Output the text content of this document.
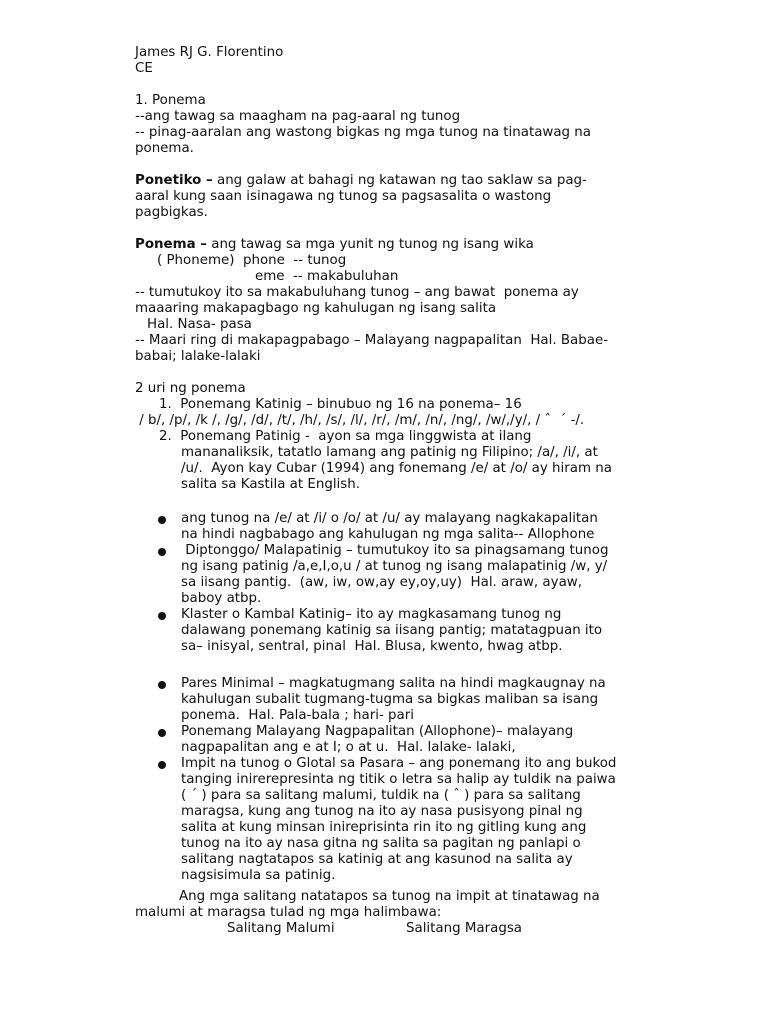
James RJ G. Florentino
CE
1. Ponema
--ang tawag sa maagham na pag-aaral ng tunog
-- pinag-aaralan ang wastong bigkas ng mga tunog na tinatawag na
ponema.
Ponetiko – ang galaw at bahagi ng katawan ng tao saklaw sa pag-
aaral kung saan isinagawa ng tunog sa pagsasalita o wastong
pagbigkas.
Ponema – ang tawag sa mga yunit ng tunog ng isang wika
( Phoneme)  phone  -- tunog
eme  -- makabuluhan
-- tumutukoy ito sa makabuluhang tunog – ang bawat  ponema ay
maaaring makapagbago ng kahulugan ng isang salita
Hal. Nasa- pasa
-- Maari ring di makapagpabago – Malayang nagpapalitan  Hal. Babae-
babai; lalake-lalaki
2 uri ng ponema
1.  Ponemang Katinig – binubuo ng 16 na ponema– 16
/ b/, /p/, /k /, /g/, /d/, /t/, /h/, /s/, /l/, /r/, /m/, /n/, /ng/, /w/,/y/, / ˆ  ´ -/.
2.  Ponemang Patinig -  ayon sa mga linggwista at ilang
mananaliksik, tatatlo lamang ang patinig ng Filipino; /a/, /i/, at
/u/.  Ayon kay Cubar (1994) ang fonemang /e/ at /o/ ay hiram na
salita sa Kastila at English.
ang tunog na /e/ at /i/ o /o/ at /u/ ay malayang nagkakapalitan
na hindi nagbabago ang kahulugan ng mga salita-- Allophone
Diptonggo/ Malapatinig – tumutukoy ito sa pinagsamang tunog
ng isang patinig /a,e,I,o,u / at tunog ng isang malapatinig /w, y/
sa iisang pantig.  (aw, iw, ow,ay ey,oy,uy)  Hal. araw, ayaw,
baboy atbp.
Klaster o Kambal Katinig– ito ay magkasamang tunog ng
dalawang ponemang katinig sa iisang pantig; matatagpuan ito
sa– inisyal, sentral, pinal  Hal. Blusa, kwento, hwag atbp.
Pares Minimal – magkatugmang salita na hindi magkaugnay na
kahulugan subalit tugmang-tugma sa bigkas maliban sa isang
ponema.  Hal. Pala-bala ; hari- pari
Ponemang Malayang Nagpapalitan (Allophone)– malayang
nagpapalitan ang e at I; o at u.  Hal. lalake- lalaki,
Impit na tunog o Glotal sa Pasara – ang ponemang ito ang bukod
tanging inirerepresinta ng titik o letra sa halip ay tuldik na paiwa
( ´ ) para sa salitang malumi, tuldik na ( ˆ ) para sa salitang
maragsa, kung ang tunog na ito ay nasa pusisyong pinal ng
salita at kung minsan inireprisinta rin ito ng gitling kung ang
tunog na ito ay nasa gitna ng salita sa pagitan ng panlapi o
salitang nagtatapos sa katinig at ang kasunod na salita ay
nagsisimula sa patinig.
Ang mga salitang natatapos sa tunog na impit at tinatawag na
malumi at maragsa tulad ng mga halimbawa:
Salitang Malumi	Salitang Maragsa
